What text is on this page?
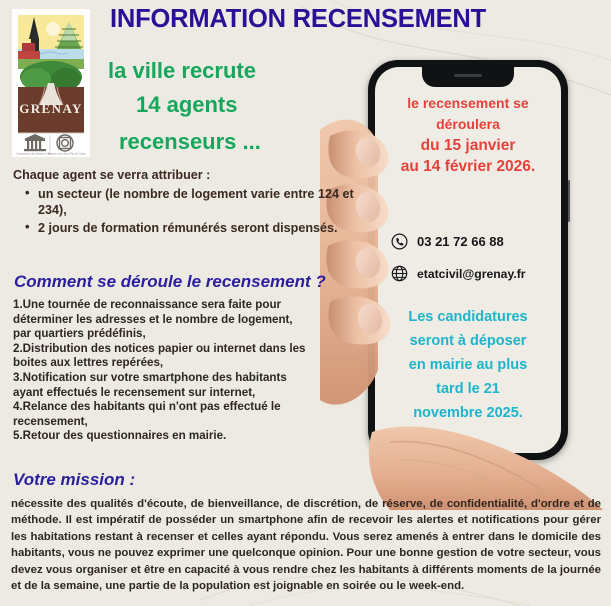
GRENAY
Organisation des Nations Unies
Bassin minier Nord-Pas de Calais
INFORMATION RECENSEMENT
la ville recrute
14 agents
recenseurs ...
Chaque agent se verra attribuer :
• un secteur (le nombre de logement varie entre 124 et 234),
• 2 jours de formation rémunérés seront dispensés.
Comment se déroule le recensement ?
1.Une tournée de reconnaissance sera faite pour déterminer les adresses et le nombre de logement, par quartiers prédéfinis,
2.Distribution des notices papier ou internet dans les boites aux lettres repérées,
3.Notification sur votre smartphone des habitants ayant effectués le recensement sur internet,
4.Relance des habitants qui n'ont pas effectué le recensement,
5.Retour des questionnaires en mairie.
le recensement se
déroulera
du 15 janvier
au 14 février 2026.
03 21 72 66 88
etatcivil@grenay.fr
Les candidatures
seront à déposer
en mairie au plus
tard le 21
novembre 2025.
Votre mission :
nécessite des qualités d'écoute, de bienveillance, de discrétion, de réserve, de confidentialité, d'ordre et de méthode. Il est impératif de posséder un smartphone afin de recevoir les alertes et notifications pour gérer les habitations restant à recenser et celles ayant répondu. Vous serez amenés à entrer dans le domicile des habitants, vous ne pouvez exprimer une quelconque opinion. Pour une bonne gestion de votre secteur, vous devez vous organiser et être en capacité à vous rendre chez les habitants à différents moments de la journée et de la semaine, une partie de la population est joignable en soirée ou le week-end.
